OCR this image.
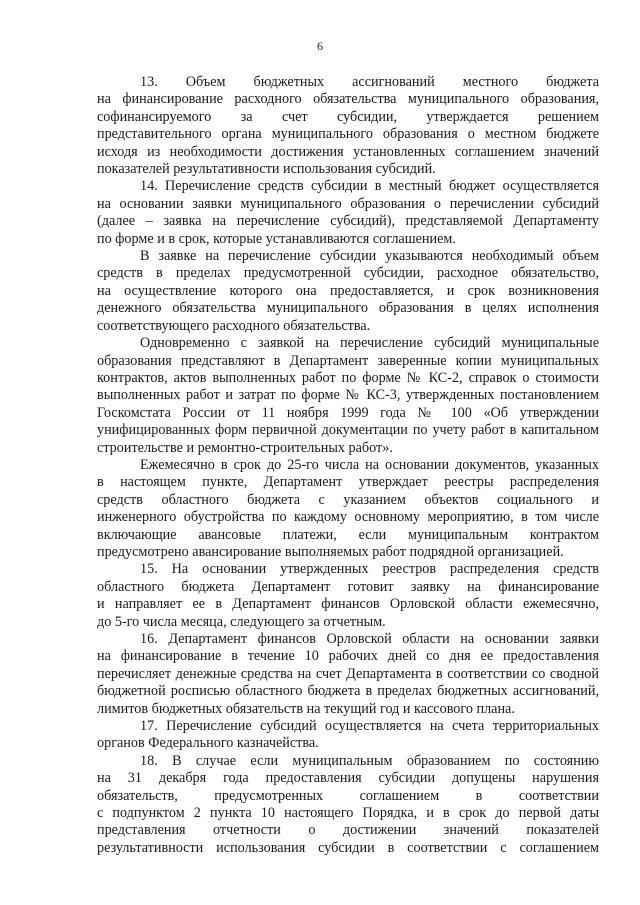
6
13. Объем бюджетных ассигнований местного бюджета
на финансирование расходного обязательства муниципального образования,
софинансируемого за счет субсидии, утверждается решением
представительного органа муниципального образования о местном бюджете
исходя из необходимости достижения установленных соглашением значений
показателей результативности использования субсидий.
14. Перечисление средств субсидии в местный бюджет осуществляется
на основании заявки муниципального образования о перечислении субсидий
(далее – заявка на перечисление субсидий), представляемой Департаменту
по форме и в срок, которые устанавливаются соглашением.
В заявке на перечисление субсидии указываются необходимый объем
средств в пределах предусмотренной субсидии, расходное обязательство,
на осуществление которого она предоставляется, и срок возникновения
денежного обязательства муниципального образования в целях исполнения
соответствующего расходного обязательства.
Одновременно с заявкой на перечисление субсидий муниципальные
образования представляют в Департамент заверенные копии муниципальных
контрактов, актов выполненных работ по форме № КС-2, справок о стоимости
выполненных работ и затрат по форме № КС-3, утвержденных постановлением
Госкомстата России от 11 ноября 1999 года № 100 «Об утверждении
унифицированных форм первичной документации по учету работ в капитальном
строительстве и ремонтно-строительных работ».
Ежемесячно в срок до 25-го числа на основании документов, указанных
в настоящем пункте, Департамент утверждает реестры распределения
средств областного бюджета с указанием объектов социального и
инженерного обустройства по каждому основному мероприятию, в том числе
включающие авансовые платежи, если муниципальным контрактом
предусмотрено авансирование выполняемых работ подрядной организацией.
15. На основании утвержденных реестров распределения средств
областного бюджета Департамент готовит заявку на финансирование
и направляет ее в Департамент финансов Орловской области ежемесячно,
до 5-го числа месяца, следующего за отчетным.
16. Департамент финансов Орловской области на основании заявки
на финансирование в течение 10 рабочих дней со дня ее предоставления
перечисляет денежные средства на счет Департамента в соответствии со сводной
бюджетной росписью областного бюджета в пределах бюджетных ассигнований,
лимитов бюджетных обязательств на текущий год и кассового плана.
17. Перечисление субсидий осуществляется на счета территориальных
органов Федерального казначейства.
18. В случае если муниципальным образованием по состоянию
на 31 декабря года предоставления субсидии допущены нарушения
обязательств, предусмотренных соглашением в соответствии
с подпунктом 2 пункта 10 настоящего Порядка, и в срок до первой даты
представления отчетности о достижении значений показателей
результативности использования субсидии в соответствии с соглашением
